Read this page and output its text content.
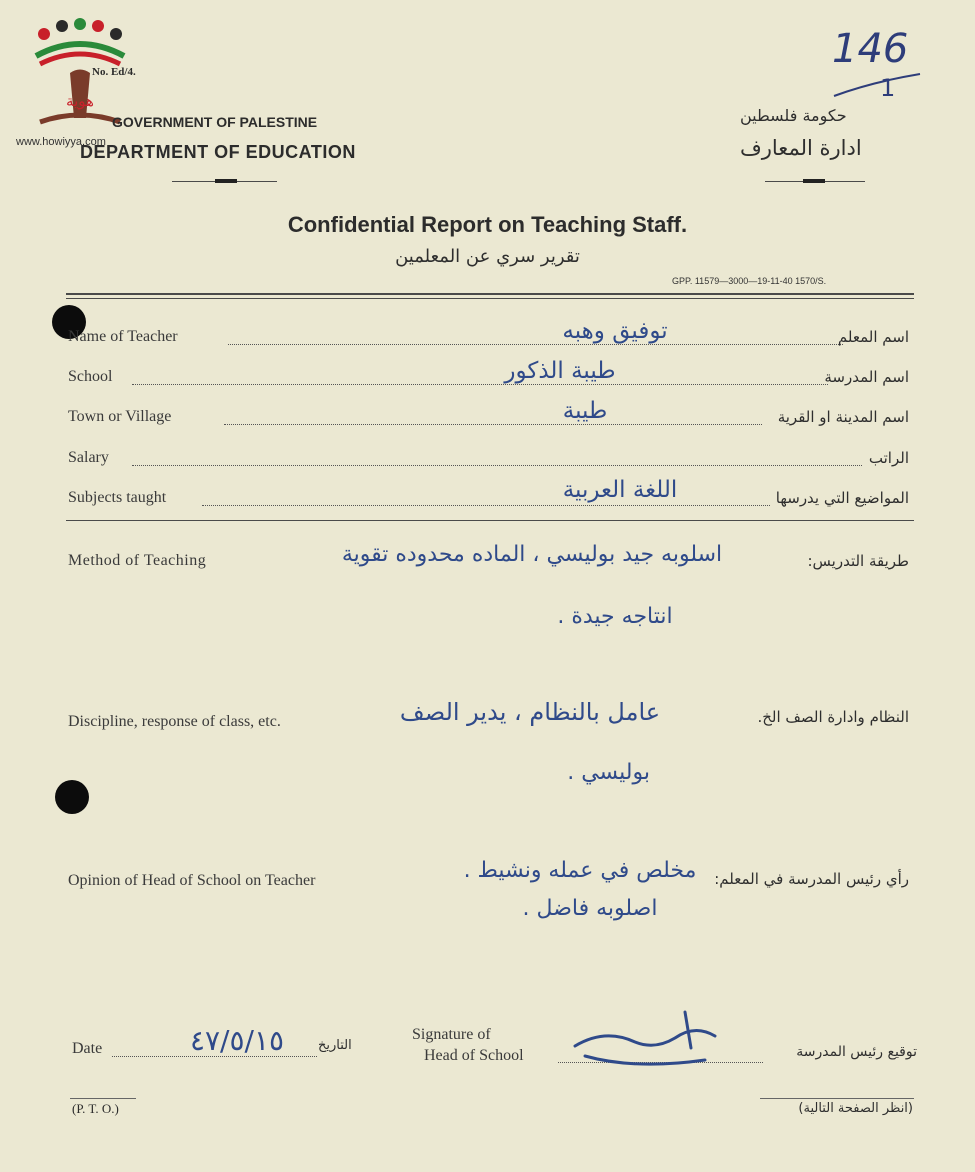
هوية
www.howiyya.com
No. Ed/4.
GOVERNMENT OF PALESTINE
DEPARTMENT OF EDUCATION
146
1
حكومة فلسطين
ادارة المعارف
Confidential Report on Teaching Staff.
تقرير سري عن المعلمين
GPP. 11579—3000—19-11-40 1570/S.
Name of Teacher	توفيق وهبه	اسم المعلم
School	طيبة الذكور	اسم المدرسة
Town or Village	طيبة	اسم المدينة او القرية
Salary	الراتب
Subjects taught	اللغة العربية	المواضيع التي يدرسها
Method of Teaching	طريقة التدريس:
اسلوبه جيد بوليسي ، الماده محدوده تقوية
انتاجه جيدة .
Discipline, response of class, etc.	النظام وادارة الصف الخ.
عامل بالنظام ، يدير الصف
بوليسي .
Opinion of Head of School on Teacher	رأي رئيس المدرسة في المعلم:
مخلص في عمله ونشيط .
اصلوبه فاضل .
Date	٤٧/٥/١٥	التاريخ
Signature of
Head of School	توقيع رئيس المدرسة
(P. T. O.)	(انظر الصفحة التالية)
